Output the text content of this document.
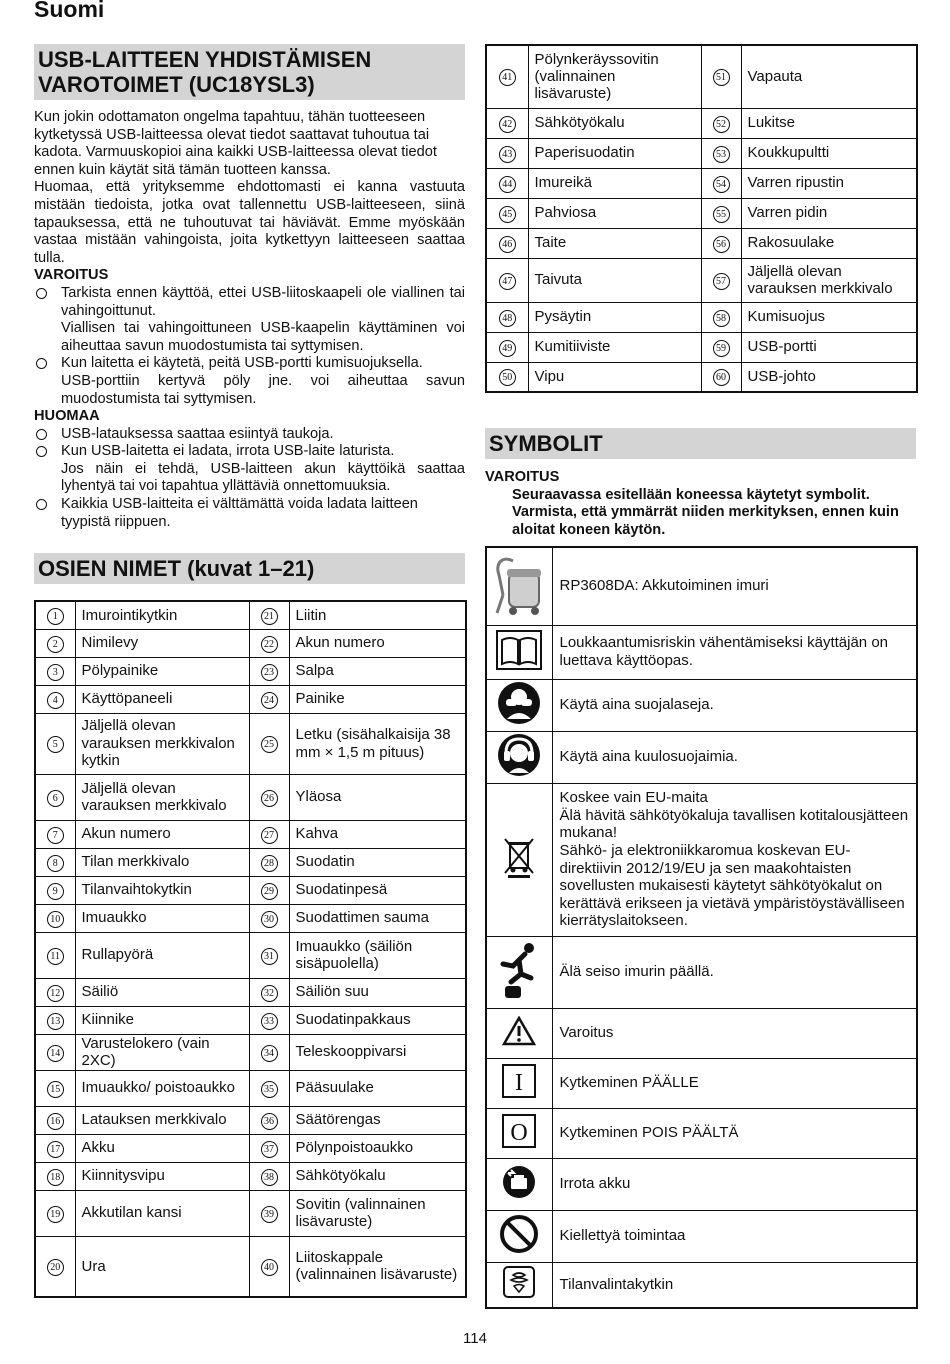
Suomi
USB-LAITTEEN YHDISTÄMISEN
VAROTOIMET (UC18YSL3)

Kun jokin odottamaton ongelma tapahtuu, tähän tuotteeseen kytketyssä USB-laitteessa olevat tiedot saattavat tuhoutua tai kadota. Varmuuskopioi aina kaikki USB-laitteessa olevat tiedot ennen kuin käytät sitä tämän tuotteen kanssa.

Huomaa, että yrityksemme ehdottomasti ei kanna vastuuta mistään tiedoista, jotka ovat tallennettu USB-laitteeseen, siinä tapauksessa, että ne tuhoutuvat tai häviävät. Emme myöskään vastaa mistään vahingoista, joita kytkettyyn laitteeseen saattaa tulla.

VAROITUS

Tarkista ennen käyttöä, ettei USB-liitoskaapeli ole viallinen tai vahingoittunut.
Viallisen tai vahingoittuneen USB-kaapelin käyttäminen voi aiheuttaa savun muodostumista tai syttymisen.
Kun laitetta ei käytetä, peitä USB-portti kumisuojuksella.
USB-porttiin kertyvä pöly jne. voi aiheuttaa savun muodostumista tai syttymisen.

HUOMAA

USB-latauksessa saattaa esiintyä taukoja.
Kun USB-laitetta ei ladata, irrota USB-laite laturista.
Jos näin ei tehdä, USB-laitteen akun käyttöikä saattaa lyhentyä tai voi tapahtua yllättäviä onnettomuuksia.
Kaikkia USB-laitteita ei välttämättä voida ladata laitteen tyypistä riippuen.
OSIEN NIMET (kuvat 1–21)
1	Imurointikytkin	21	Liitin
2	Nimilevy	22	Akun numero
3	Pölypainike	23	Salpa
4	Käyttöpaneeli	24	Painike
5	Jäljellä olevan varauksen merkkivalon kytkin	25	Letku (sisähalkaisija 38 mm × 1,5 m pituus)
6	Jäljellä olevan varauksen merkkivalo	26	Yläosa
7	Akun numero	27	Kahva
8	Tilan merkkivalo	28	Suodatin
9	Tilanvaihtokytkin	29	Suodatinpesä
10	Imuaukko	30	Suodattimen sauma
11	Rullapyörä	31	Imuaukko (säiliön sisäpuolella)
12	Säiliö	32	Säiliön suu
13	Kiinnike	33	Suodatinpakkaus
14	Varustelokero (vain 2XC)	34	Teleskooppivarsi
15	Imuaukko/ poistoaukko	35	Pääsuulake
16	Latauksen merkkivalo	36	Säätörengas
17	Akku	37	Pölynpoistoaukko
18	Kiinnitysvipu	38	Sähkötyökalu
19	Akkutilan kansi	39	Sovitin (valinnainen lisävaruste)
20	Ura	40	Liitoskappale (valinnainen lisävaruste)
41	Pölynkeräyssovitin (valinnainen lisävaruste)	51	Vapauta
42	Sähkötyökalu	52	Lukitse
43	Paperisuodatin	53	Koukkupultti
44	Imureikä	54	Varren ripustin
45	Pahviosa	55	Varren pidin
46	Taite	56	Rakosuulake
47	Taivuta	57	Jäljellä olevan varauksen merkkivalo
48	Pysäytin	58	Kumisuojus
49	Kumitiiviste	59	USB-portti
50	Vipu	60	USB-johto
SYMBOLIT

VAROITUS

Seuraavassa esitellään koneessa käytetyt symbolit. Varmista, että ymmärrät niiden merkityksen, ennen kuin aloitat koneen käytön.

	RP3608DA: Akkutoiminen imuri
	Loukkaantumisriskin vähentämiseksi käyttäjän on luettava käyttöopas.
	Käytä aina suojalaseja.
	Käytä aina kuulosuojaimia.
	Koskee vain EU-maita
Älä hävitä sähkötyökaluja tavallisen kotitalousjätteen mukana!
Sähkö- ja elektroniikkaromua koskevan EU-direktiivin 2012/19/EU ja sen maakohtaisten sovellusten mukaisesti käytetyt sähkötyökalut on kerättävä erikseen ja vietävä ympäristöystävälliseen kierrätyslaitokseen.
	Älä seiso imurin päällä.
	Varoitus

I	Kytkeminen PÄÄLLE

O	Kytkeminen POIS PÄÄLTÄ
	Irrota akku
	Kiellettyä toimintaa
	Tilanvalintakytkin
114
